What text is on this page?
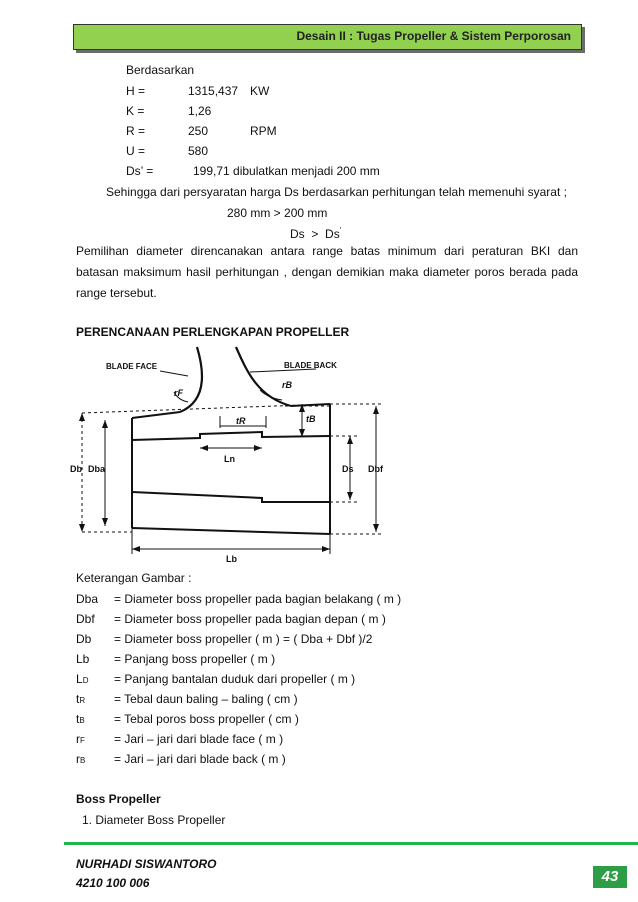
Desain II : Tugas Propeller & Sistem Perporosan
Berdasarkan
H =	1315,437 KW
K =	1,26
R =	250	RPM
U =	580
Ds’ =	199,71 dibulatkan menjadi 200 mm
Sehingga dari persyaratan harga Ds berdasarkan perhitungan telah memenuhi syarat ;
280 mm > 200 mm
Ds > Ds'
Pemilihan diameter direncanakan antara range batas minimum dari peraturan BKI dan batasan maksimum hasil perhitungan , dengan demikian maka diameter poros berada pada range tersebut.
PERENCANAAN PERLENGKAPAN PROPELLER
BLADE FACE	BLADE BACK
rF
rB
tR	tB
Ln
Lb
Db Dba	Ds Dbf
Keterangan Gambar :
Dba = Diameter boss propeller pada bagian belakang ( m )
Dbf = Diameter boss propeller pada bagian depan ( m )
Db = Diameter boss propeller ( m ) = ( Dba + Dbf )/2
Lb = Panjang boss propeller ( m )
LD = Panjang bantalan duduk dari propeller ( m )
tR = Tebal daun baling – baling ( cm )
tB = Tebal poros boss propeller ( cm )
rF = Jari – jari dari blade face ( m )
rB = Jari – jari dari blade back ( m )
Boss Propeller
1. Diameter Boss Propeller
NURHADI SISWANTORO
4210 100 006	43
